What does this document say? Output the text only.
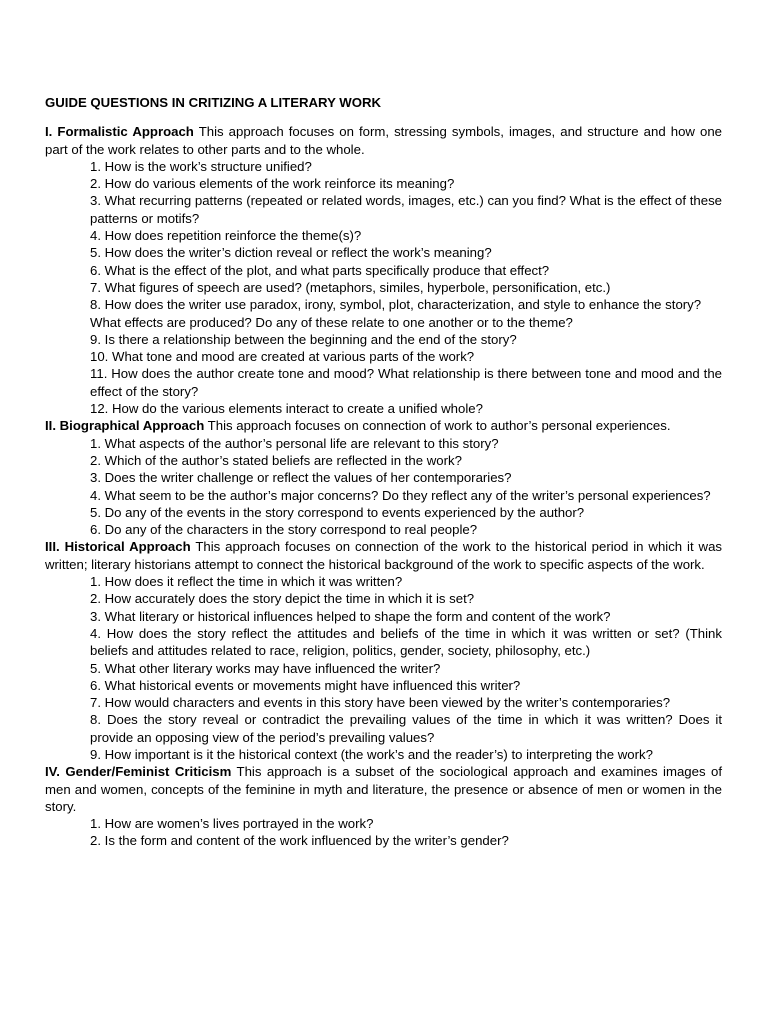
GUIDE QUESTIONS IN CRITIZING A LITERARY WORK

I. Formalistic Approach This approach focuses on form, stressing symbols, images, and structure and how one part of the work relates to other parts and to the whole.

1. How is the work’s structure unified?
2. How do various elements of the work reinforce its meaning?
3. What recurring patterns (repeated or related words, images, etc.) can you find? What is the effect of these patterns or motifs?
4. How does repetition reinforce the theme(s)?
5. How does the writer’s diction reveal or reflect the work’s meaning?
6. What is the effect of the plot, and what parts specifically produce that effect?
7. What figures of speech are used? (metaphors, similes, hyperbole, personification, etc.)
8. How does the writer use paradox, irony, symbol, plot, characterization, and style to enhance the story?
What effects are produced? Do any of these relate to one another or to the theme?
9. Is there a relationship between the beginning and the end of the story?
10. What tone and mood are created at various parts of the work?
11. How does the author create tone and mood? What relationship is there between tone and mood and the effect of the story?
12. How do the various elements interact to create a unified whole?

II. Biographical Approach This approach focuses on connection of work to author’s personal experiences.

1. What aspects of the author’s personal life are relevant to this story?
2. Which of the author’s stated beliefs are reflected in the work?
3. Does the writer challenge or reflect the values of her contemporaries?
4. What seem to be the author’s major concerns? Do they reflect any of the writer’s personal experiences?
5. Do any of the events in the story correspond to events experienced by the author?
6. Do any of the characters in the story correspond to real people?

III. Historical Approach This approach focuses on connection of the work to the historical period in which it was written; literary historians attempt to connect the historical background of the work to specific aspects of the work.

1. How does it reflect the time in which it was written?
2. How accurately does the story depict the time in which it is set?
3. What literary or historical influences helped to shape the form and content of the work?
4. How does the story reflect the attitudes and beliefs of the time in which it was written or set? (Think beliefs and attitudes related to race, religion, politics, gender, society, philosophy, etc.)
5. What other literary works may have influenced the writer?
6. What historical events or movements might have influenced this writer?
7. How would characters and events in this story have been viewed by the writer’s contemporaries?
8. Does the story reveal or contradict the prevailing values of the time in which it was written? Does it provide an opposing view of the period’s prevailing values?
9. How important is it the historical context (the work’s and the reader’s) to interpreting the work?

IV. Gender/Feminist Criticism This approach is a subset of the sociological approach and examines images of men and women, concepts of the feminine in myth and literature, the presence or absence of men or women in the story.

1. How are women’s lives portrayed in the work?
2. Is the form and content of the work influenced by the writer’s gender?
